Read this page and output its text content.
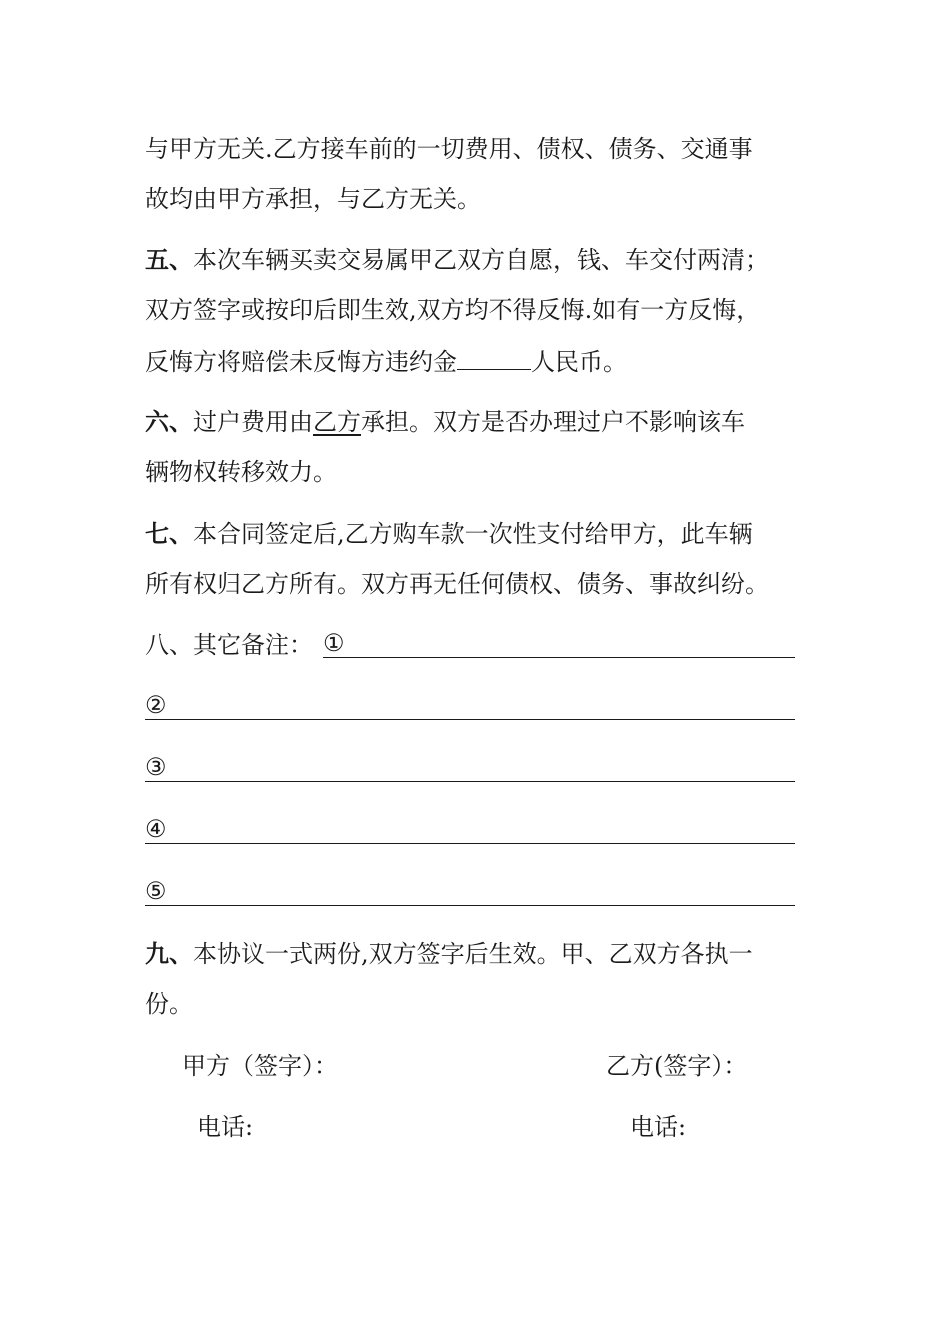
与甲方无关.乙方接车前的一切费用、债权、债务、交通事
故均由甲方承担，与乙方无关。
五、本次车辆买卖交易属甲乙双方自愿，钱、车交付两清；
双方签字或按印后即生效,双方均不得反悔.如有一方反悔，
反悔方将赔偿未反悔方违约金	人民币。
六、过户费用由乙方承担。双方是否办理过户不影响该车
辆物权转移效力。
七、本合同签定后,乙方购车款一次性支付给甲方，此车辆
所有权归乙方所有。双方再无任何债权、债务、事故纠纷。
八、其它备注： ①
②
③
④
⑤
九、本协议一式两份,双方签字后生效。甲、乙双方各执一
份。
甲方（签字）：	乙方(签字）：
电话:	电话:
